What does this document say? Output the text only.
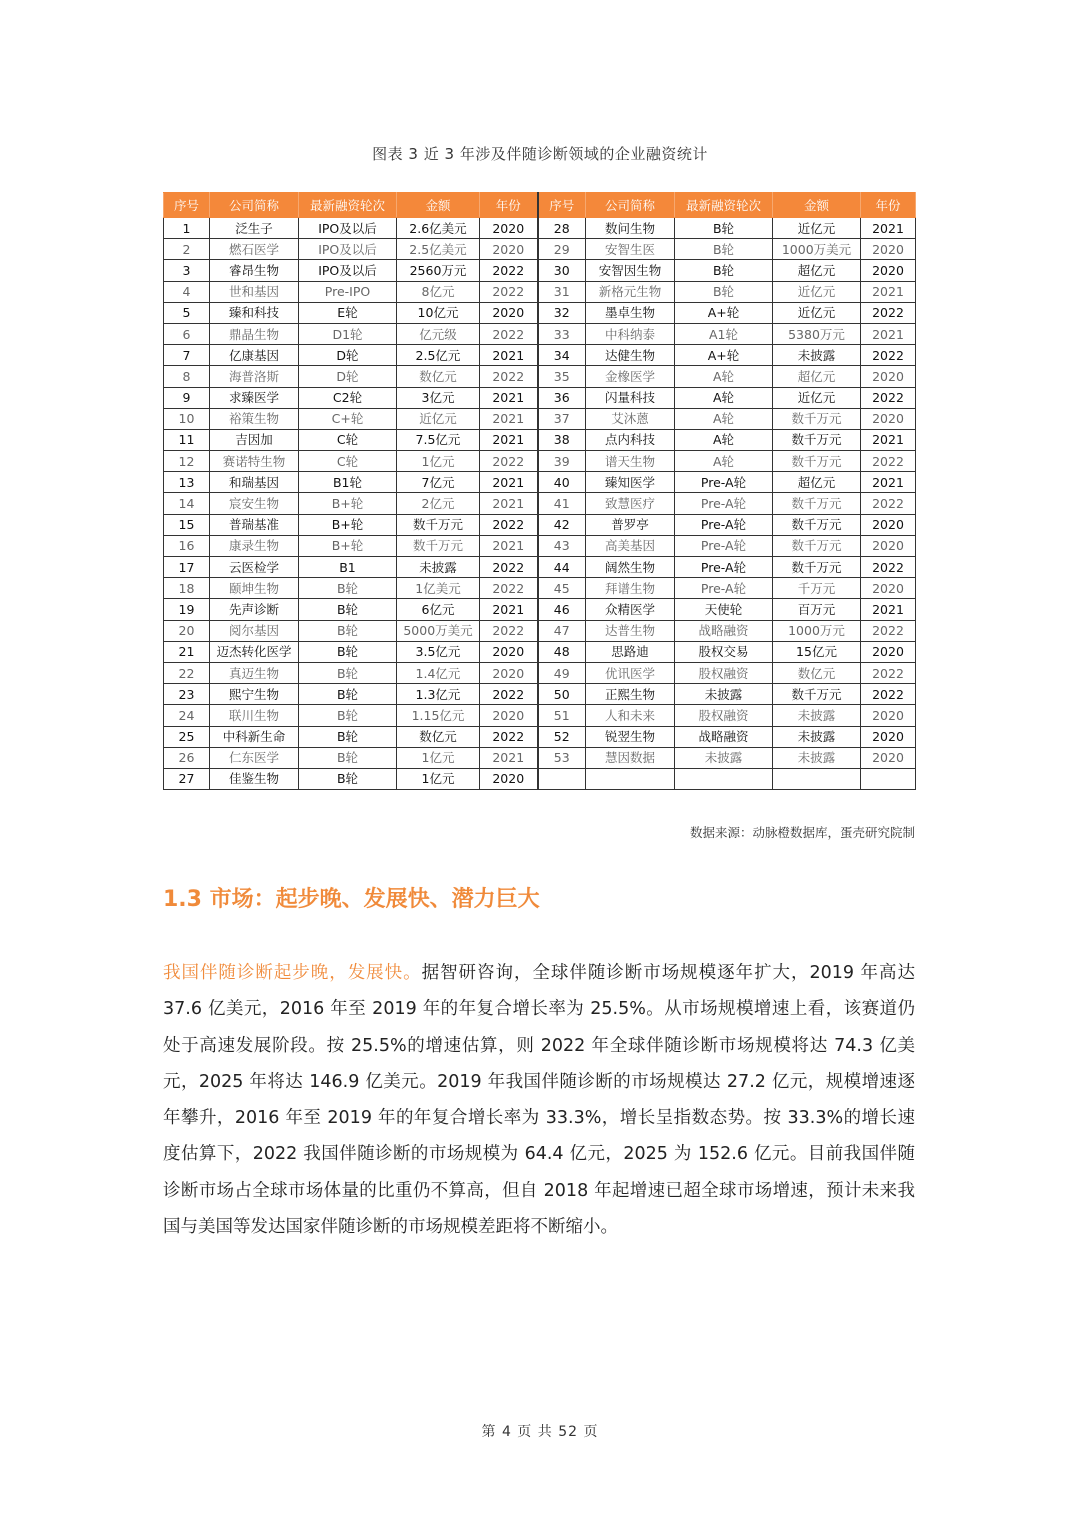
图表 3 近 3 年涉及伴随诊断领域的企业融资统计
序号	公司简称	最新融资轮次	金额	年份	序号	公司简称	最新融资轮次	金额	年份
1	泛生子	IPO及以后	2.6亿美元	2020	28	数问生物	B轮	近亿元	2021
2	燃石医学	IPO及以后	2.5亿美元	2020	29	安智生医	B轮	1000万美元	2020
3	睿昂生物	IPO及以后	2560万元	2022	30	安智因生物	B轮	超亿元	2020
4	世和基因	Pre-IPO	8亿元	2022	31	新格元生物	B轮	近亿元	2021
5	臻和科技	E轮	10亿元	2020	32	墨卓生物	A+轮	近亿元	2022
6	鼎晶生物	D1轮	亿元级	2022	33	中科纳泰	A1轮	5380万元	2021
7	亿康基因	D轮	2.5亿元	2021	34	达健生物	A+轮	未披露	2022
8	海普洛斯	D轮	数亿元	2022	35	金橡医学	A轮	超亿元	2020
9	求臻医学	C2轮	3亿元	2021	36	闪量科技	A轮	近亿元	2022
10	裕策生物	C+轮	近亿元	2021	37	艾沐蒽	A轮	数千万元	2020
11	吉因加	C轮	7.5亿元	2021	38	点内科技	A轮	数千万元	2021
12	赛诺特生物	C轮	1亿元	2022	39	谱天生物	A轮	数千万元	2022
13	和瑞基因	B1轮	7亿元	2021	40	臻知医学	Pre-A轮	超亿元	2021
14	宸安生物	B+轮	2亿元	2021	41	致慧医疗	Pre-A轮	数千万元	2022
15	普瑞基准	B+轮	数千万元	2022	42	普罗亭	Pre-A轮	数千万元	2020
16	康录生物	B+轮	数千万元	2021	43	高美基因	Pre-A轮	数千万元	2020
17	云医检学	B1	未披露	2022	44	阔然生物	Pre-A轮	数千万元	2022
18	颐坤生物	B轮	1亿美元	2022	45	拜谱生物	Pre-A轮	千万元	2020
19	先声诊断	B轮	6亿元	2021	46	众精医学	天使轮	百万元	2021
20	阅尔基因	B轮	5000万美元	2022	47	达普生物	战略融资	1000万元	2022
21	迈杰转化医学	B轮	3.5亿元	2020	48	思路迪	股权交易	15亿元	2020
22	真迈生物	B轮	1.4亿元	2020	49	优讯医学	股权融资	数亿元	2022
23	熙宁生物	B轮	1.3亿元	2022	50	正熙生物	未披露	数千万元	2022
24	联川生物	B轮	1.15亿元	2020	51	人和未来	股权融资	未披露	2020
25	中科新生命	B轮	数亿元	2022	52	锐翌生物	战略融资	未披露	2020
26	仁东医学	B轮	1亿元	2021	53	慧因数据	未披露	未披露	2020
27	佳鉴生物	B轮	1亿元	2020					
数据来源：动脉橙数据库，蛋壳研究院制
1.3 市场：起步晚、发展快、潜力巨大

我国伴随诊断起步晚，发展快。据智研咨询，全球伴随诊断市场规模逐年扩大，2019 年高达 37.6 亿美元，2016 年至 2019 年的年复合增长率为 25.5%。从市场规模增速上看，该赛道仍处于高速发展阶段。按 25.5%的增速估算，则 2022 年全球伴随诊断市场规模将达 74.3 亿美元，2025 年将达 146.9 亿美元。2019 年我国伴随诊断的市场规模达 27.2 亿元，规模增速逐年攀升，2016 年至 2019 年的年复合增长率为 33.3%，增长呈指数态势。按 33.3%的增长速度估算下，2022 我国伴随诊断的市场规模为 64.4 亿元，2025 为 152.6 亿元。目前我国伴随诊断市场占全球市场体量的比重仍不算高，但自 2018 年起增速已超全球市场增速，预计未来我国与美国等发达国家伴随诊断的市场规模差距将不断缩小。

第 4 页 共 52 页
